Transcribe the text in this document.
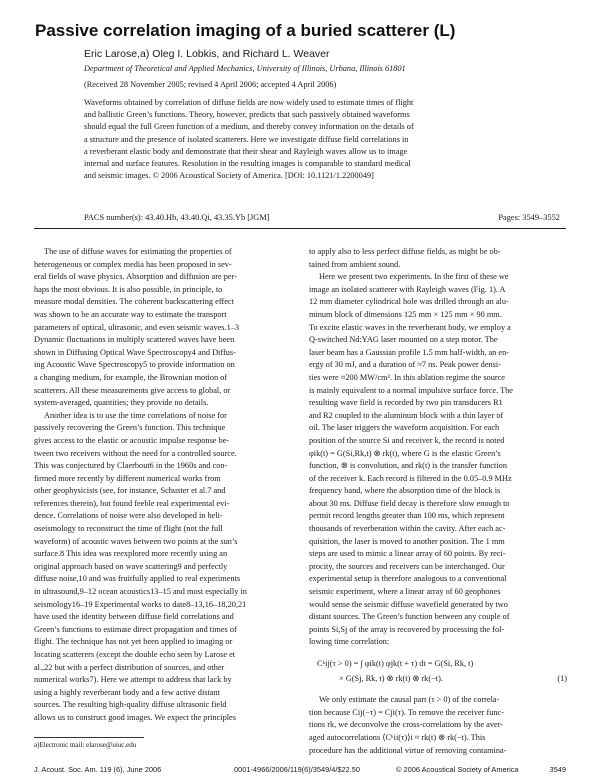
Passive correlation imaging of a buried scatterer (L)

Eric Larose,a) Oleg I. Lobkis, and Richard L. Weaver

Department of Theoretical and Applied Mechanics, University of Illinois, Urbana, Illinois 61801

(Received 28 November 2005; revised 4 April 2006; accepted 4 April 2006)

Waveforms obtained by correlation of diffuse fields are now widely used to estimate times of flight
and ballistic Green’s functions. Theory, however, predicts that such passively obtained waveforms
should equal the full Green function of a medium, and thereby convey information on the details of
a structure and the presence of isolated scatterers. Here we investigate diffuse field correlations in
a reverberant elastic body and demonstrate that their shear and Rayleigh waves allow us to image
internal and surface features. Resolution in the resulting images is comparable to standard medical
and seismic images. © 2006 Acoustical Society of America. [DOI: 10.1121/1.2200049]
PACS number(s): 43.40.Hb, 43.40.Qi, 43.35.Yb [JGM]	Pages: 3549–3552
The use of diffuse waves for estimating the properties of
heterogeneous or complex media has been proposed in sev-
eral fields of wave physics. Absorption and diffusion are per-
haps the most obvious. It is also possible, in principle, to
measure modal densities. The coherent backscattering effect
was shown to be an accurate way to estimate the transport
parameters of optical, ultrasonic, and even seismic waves.1–3
Dynamic fluctuations in multiply scattered waves have been
shown in Diffusing Optical Wave Spectroscopy4 and Diffus-
ing Acoustic Wave Spectroscopy5 to provide information on
a changing medium, for example, the Brownian motion of
scatterers. All these measurements give access to global, or
system-averaged, quantities; they provide no details.
Another idea is to use the time correlations of noise for
passively recovering the Green’s function. This technique
gives access to the elastic or acoustic impulse response be-
tween two receivers without the need for a controlled source.
This was conjectured by Claerbout6 in the 1960s and con-
firmed more recently by different numerical works from
other geophysicists (see, for instance, Schuster et al.7 and
references therein), but found feeble real experimental evi-
dence. Correlations of noise were also developed in heli-
oseismology to reconstruct the time of flight (not the full
waveform) of acoustic waves between two points at the sun’s
surface.8 This idea was reexplored more recently using an
original approach based on wave scattering9 and perfectly
diffuse noise,10 and was fruitfully applied to real experiments
in ultrasound,9–12 ocean acoustics13–15 and most especially in
seismology16–19 Experimental works to date8–13,16–18,20,21
have used the identity between diffuse field correlations and
Green’s functions to estimate direct propagation and times of
flight. The technique has not yet been applied to imaging or
locating scatterers (except the double echo seen by Larose et
al.,22 but with a perfect distribution of sources, and other
numerical works7). Here we attempt to address that lack by
using a highly reverberant body and a few active distant
sources. The resulting high-quality diffuse ultrasonic field
allows us to construct good images. We expect the principles
to apply also to less perfect diffuse fields, as might be ob-
tained from ambient sound.
Here we present two experiments. In the first of these we
image an isolated scatterer with Rayleigh waves (Fig. 1). A
12 mm diameter cylindrical hole was drilled through an alu-
minum block of dimensions 125 mm × 125 mm × 90 mm.
To excite elastic waves in the reverberant body, we employ a
Q-switched Nd:YAG laser mounted on a step motor. The
laser beam has a Gaussian profile 1.5 mm half-width, an en-
ergy of 30 mJ, and a duration of ≈7 ns. Peak power densi-
ties were ≈200 MW/cm². In this ablation regime the source
is mainly equivalent to a normal impulsive surface force. The
resulting wave field is recorded by two pin transducers R1
and R2 coupled to the aluminum block with a thin layer of
oil. The laser triggers the waveform acquisition. For each
position of the source Si and receiver k, the record is noted
φik(t) = G(Si,Rk,t) ⊗ rk(t), where G is the elastic Green’s
function, ⊗ is convolution, and rk(t) is the transfer function
of the receiver k. Each record is filtered in the 0.05–0.9 MHz
frequency band, where the absorption time of the block is
about 30 ms. Diffuse field decay is therefore slow enough to
permit record lengths greater than 100 ms, which represent
thousands of reverberation within the cavity. After each ac-
quisition, the laser is moved to another position. The 1 mm
steps are used to mimic a linear array of 60 points. By reci-
procity, the sources and receivers can be interchanged. Our
experimental setup is therefore analogous to a conventional
seismic experiment, where a linear array of 60 geophones
would sense the seismic diffuse wavefield generated by two
distant sources. The Green’s function between any couple of
points Si,Sj of the array is recovered by processing the fol-
lowing time correlation:
Cᵏij(τ > 0) = ∫ φik(t) φjk(t + τ) dt = G(Si, Rk, t)
× G(Sj, Rk, t) ⊗ rk(t) ⊗ rk(−t).	(1)
We only estimate the causal part (τ > 0) of the correla-
tion because Cij(−τ) = Cji(τ). To remove the receiver func-
tions rk, we deconvolve the cross-correlations by the aver-
aged autocorrelations ⟨Cᵏii(τ)⟩i ≈ rk(t) ⊗ rk(−t). This
procedure has the additional virtue of removing contamina-
a)Electronic mail: elarose@uiuc.edu
J. Acoust. Soc. Am. 119 (6), June 2006	0001-4966/2006/119(6)/3549/4/$22.50	© 2006 Acoustical Society of America	3549
